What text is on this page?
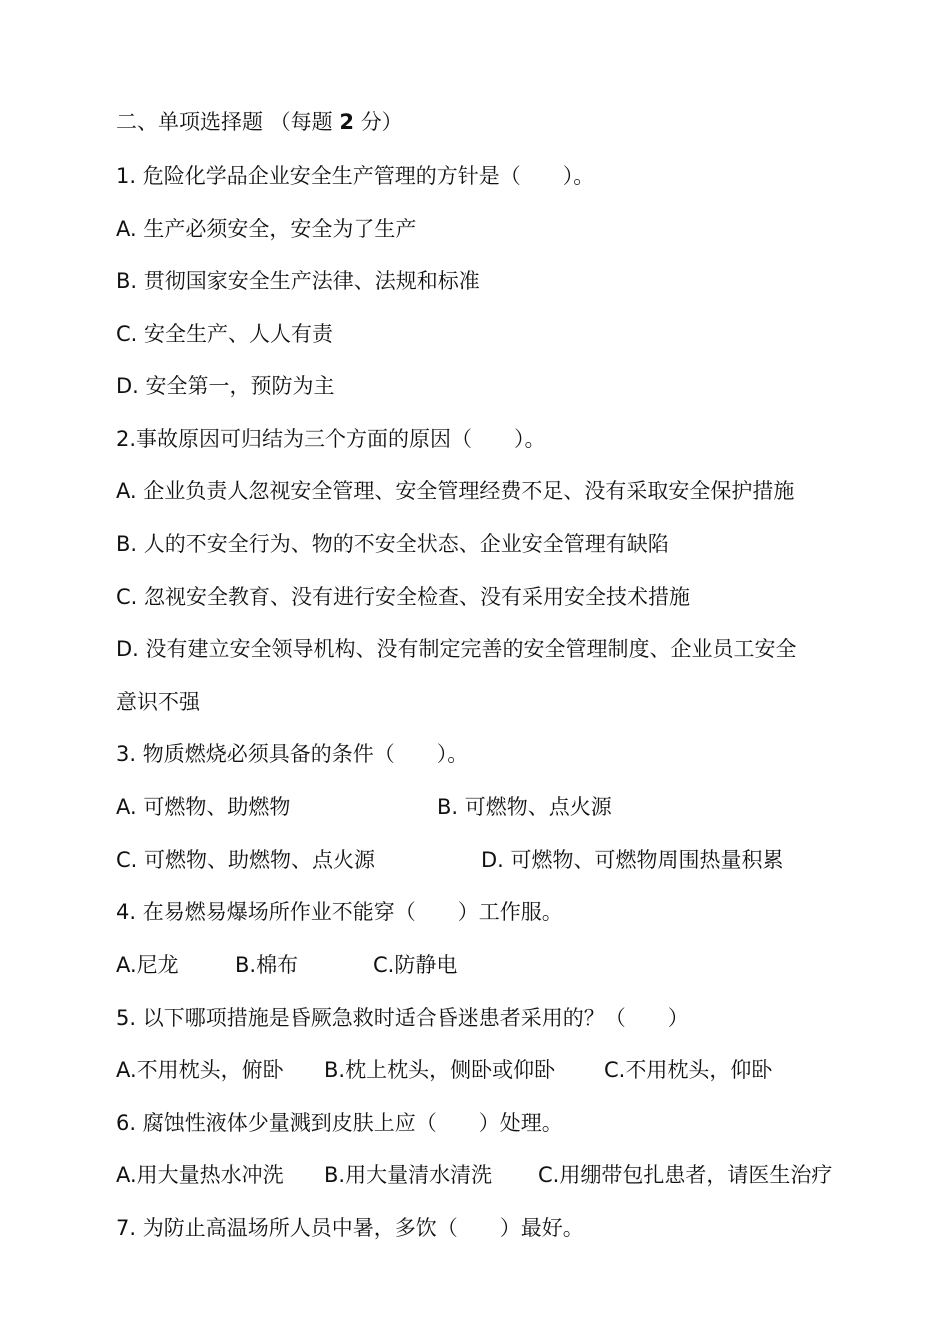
二、单项选择题 （每题 2 分）
1. 危险化学品企业安全生产管理的方针是（　　）。
A. 生产必须安全，安全为了生产
B. 贯彻国家安全生产法律、法规和标准
C. 安全生产、人人有责
D. 安全第一，预防为主
2.事故原因可归结为三个方面的原因（　　）。
A. 企业负责人忽视安全管理、安全管理经费不足、没有采取安全保护措施
B. 人的不安全行为、物的不安全状态、企业安全管理有缺陷
C. 忽视安全教育、没有进行安全检查、没有采用安全技术措施
D. 没有建立安全领导机构、没有制定完善的安全管理制度、企业员工安全
意识不强
3. 物质燃烧必须具备的条件（　　）。
A. 可燃物、助燃物	B. 可燃物、点火源
C. 可燃物、助燃物、点火源	D. 可燃物、可燃物周围热量积累
4. 在易燃易爆场所作业不能穿（　　）工作服。
A.尼龙	B.棉布	C.防静电
5. 以下哪项措施是昏厥急救时适合昏迷患者采用的？（　　）
A.不用枕头，俯卧 B.枕上枕头，侧卧或仰卧 C.不用枕头，仰卧
6. 腐蚀性液体少量溅到皮肤上应（　　）处理。
A.用大量热水冲洗 B.用大量清水清洗 C.用绷带包扎患者，请医生治疗
7. 为防止高温场所人员中暑，多饮（　　）最好。
